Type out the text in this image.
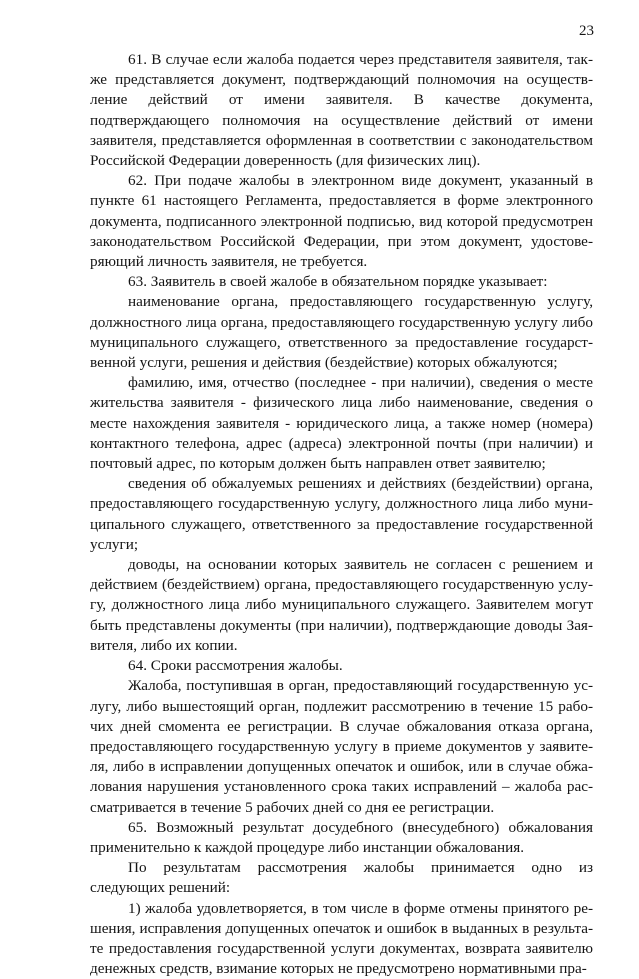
23

61. В случае если жалоба подается через представителя заявителя, также представляется документ, подтверждающий полномочия на осуществление действий от имени заявителя. В качестве документа, подтверждающего полномочия на осуществление действий от имени заявителя, представляется оформленная в соответствии с законодательством Российской Федерации доверенность (для физических лиц).

62. При подаче жалобы в электронном виде документ, указанный в пункте 61 настоящего Регламента, предоставляется в форме электронного документа, подписанного электронной подписью, вид которой предусмотрен законодательством Российской Федерации, при этом документ, удостоверяющий личность заявителя, не требуется.

63. Заявитель в своей жалобе в обязательном порядке указывает:

наименование органа, предоставляющего государственную услугу, должностного лица органа, предоставляющего государственную услугу либо муниципального служащего, ответственного за предоставление государственной услуги, решения и действия (бездействие) которых обжалуются;

фамилию, имя, отчество (последнее - при наличии), сведения о месте жительства заявителя - физического лица либо наименование, сведения о месте нахождения заявителя - юридического лица, а также номер (номера) контактного телефона, адрес (адреса) электронной почты (при наличии) и почтовый адрес, по которым должен быть направлен ответ заявителю;

сведения об обжалуемых решениях и действиях (бездействии) органа, предоставляющего государственную услугу, должностного лица либо муниципального служащего, ответственного за предоставление государственной услуги;

доводы, на основании которых заявитель не согласен с решением и действием (бездействием) органа, предоставляющего государственную услугу, должностного лица либо муниципального служащего. Заявителем могут быть представлены документы (при наличии), подтверждающие доводы Заявителя, либо их копии.

64. Сроки рассмотрения жалобы.

Жалоба, поступившая в орган, предоставляющий государственную услугу, либо вышестоящий орган, подлежит рассмотрению в течение 15 рабочих дней смомента ее регистрации. В случае обжалования отказа органа, предоставляющего государственную услугу в приеме документов у заявителя, либо в исправлении допущенных опечаток и ошибок, или в случае обжалования нарушения установленного срока таких исправлений – жалоба рассматривается в течение 5 рабочих дней со дня ее регистрации.

65. Возможный результат досудебного (внесудебного) обжалования применительно к каждой процедуре либо инстанции обжалования.

По результатам рассмотрения жалобы принимается одно из следующих решений:

1) жалоба удовлетворяется, в том числе в форме отмены принятого решения, исправления допущенных опечаток и ошибок в выданных в результате предоставления государственной услуги документах, возврата заявителю денежных средств, взимание которых не предусмотрено нормативными пра-
